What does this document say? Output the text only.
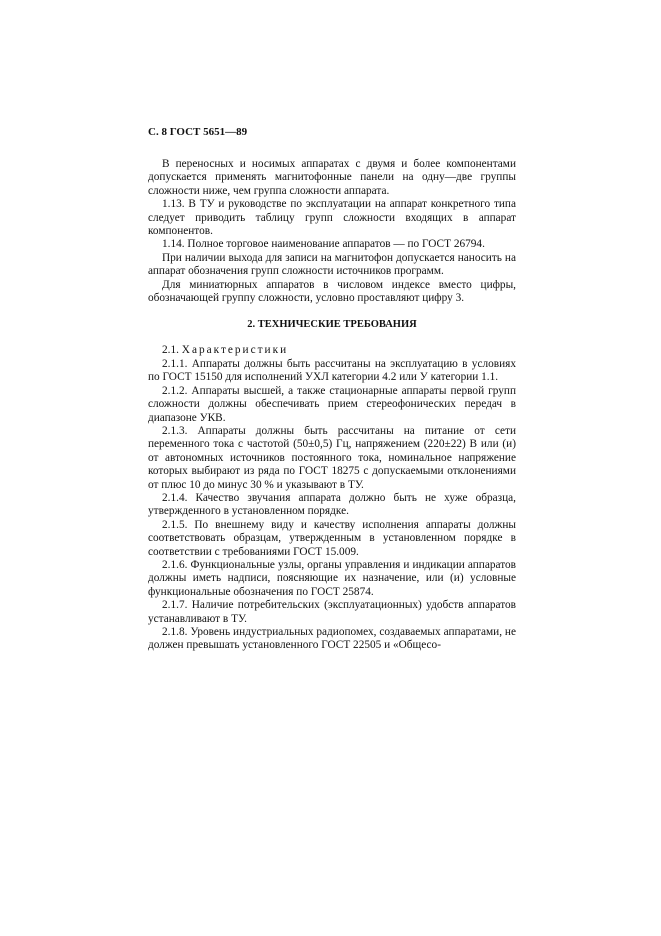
С. 8 ГОСТ 5651—89

В переносных и носимых аппаратах с двумя и более компонентами допускается применять магнитофонные панели на одну—две группы сложности ниже, чем группа сложности аппарата.

1.13. В ТУ и руководстве по эксплуатации на аппарат конкретного типа следует приводить таблицу групп сложности входящих в аппарат компонентов.

1.14. Полное торговое наименование аппаратов — по ГОСТ 26794.

При наличии выхода для записи на магнитофон допускается наносить на аппарат обозначения групп сложности источников программ.

Для миниатюрных аппаратов в числовом индексе вместо цифры, обозначающей группу сложности, условно проставляют цифру 3.

2. ТЕХНИЧЕСКИЕ ТРЕБОВАНИЯ

2.1. Характеристики

2.1.1. Аппараты должны быть рассчитаны на эксплуатацию в условиях по ГОСТ 15150 для исполнений УХЛ категории 4.2 или У категории 1.1.

2.1.2. Аппараты высшей, а также стационарные аппараты первой групп сложности должны обеспечивать прием стереофонических передач в диапазоне УКВ.

2.1.3. Аппараты должны быть рассчитаны на питание от сети переменного тока с частотой (50±0,5) Гц, напряжением (220±22) В или (и) от автономных источников постоянного тока, номинальное напряжение которых выбирают из ряда по ГОСТ 18275 с допускаемыми отклонениями от плюс 10 до минус 30 % и указывают в ТУ.

2.1.4. Качество звучания аппарата должно быть не хуже образца, утвержденного в установленном порядке.

2.1.5. По внешнему виду и качеству исполнения аппараты должны соответствовать образцам, утвержденным в установленном порядке в соответствии с требованиями ГОСТ 15.009.

2.1.6. Функциональные узлы, органы управления и индикации аппаратов должны иметь надписи, поясняющие их назначение, или (и) условные функциональные обозначения по ГОСТ 25874.

2.1.7. Наличие потребительских (эксплуатационных) удобств аппаратов устанавливают в ТУ.

2.1.8. Уровень индустриальных радиопомех, создаваемых аппаратами, не должен превышать установленного ГОСТ 22505 и «Общесо-
